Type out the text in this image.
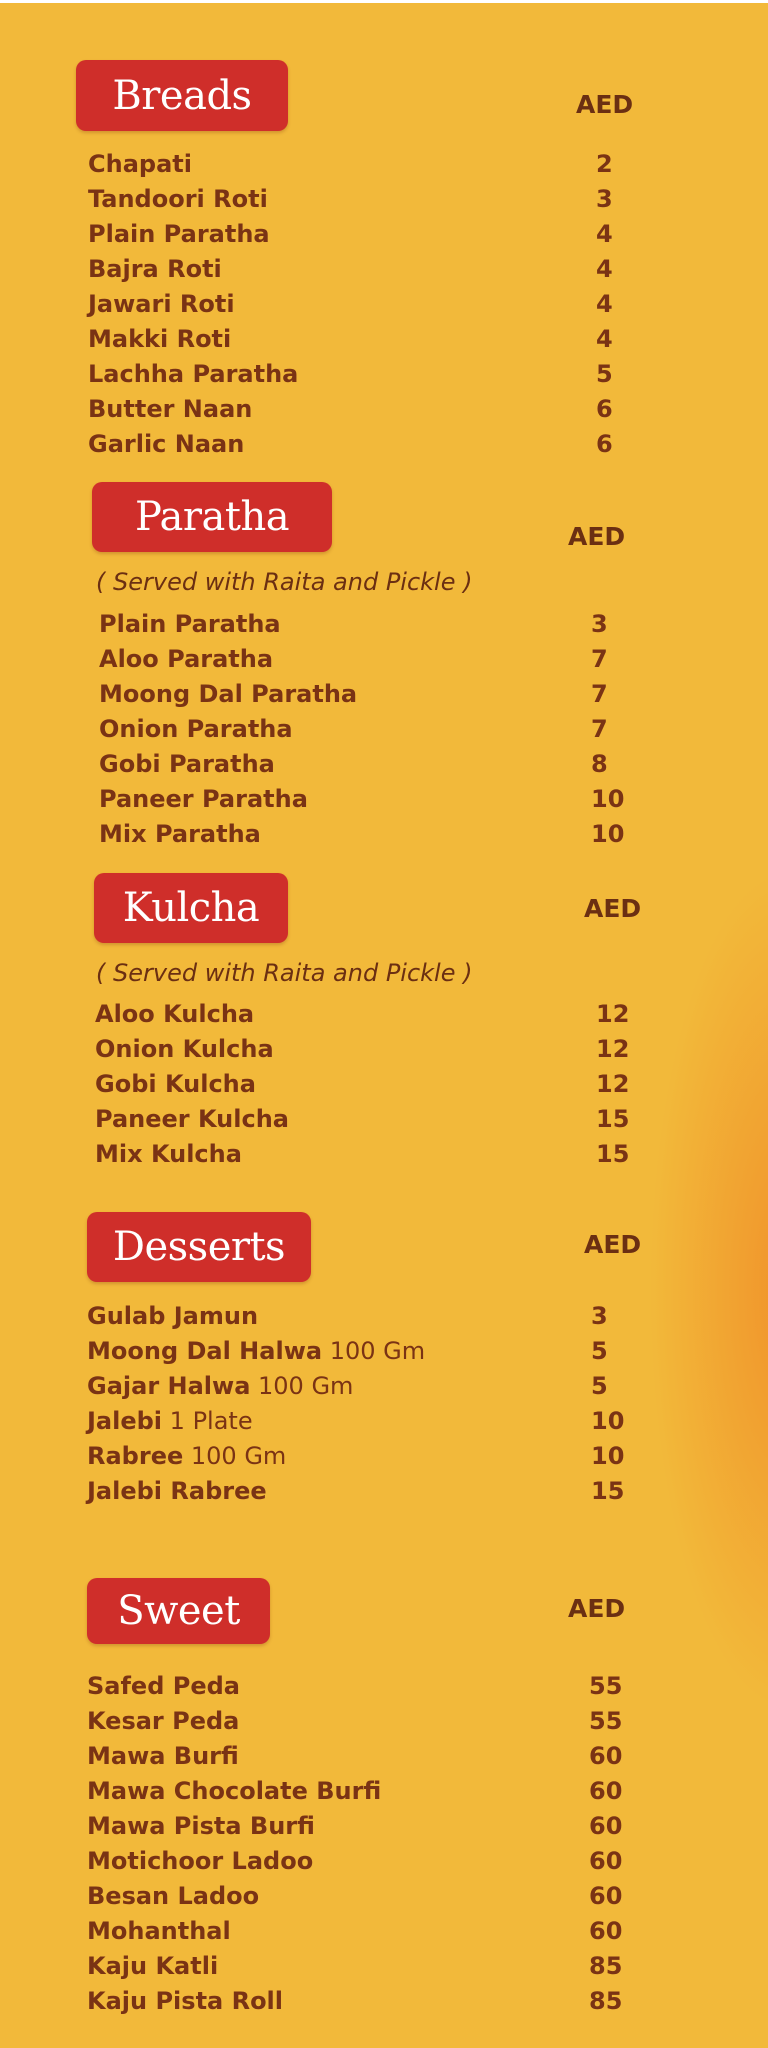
Breads	AED
Chapati	2
Tandoori Roti	3
Plain Paratha	4
Bajra Roti	4
Jawari Roti	4
Makki Roti	4
Lachha Paratha	5
Butter Naan	6
Garlic Naan	6
Paratha	AED
( Served with Raita and Pickle )
Plain Paratha	3
Aloo Paratha	7
Moong Dal Paratha	7
Onion Paratha	7
Gobi Paratha	8
Paneer Paratha	10
Mix Paratha	10
Kulcha	AED
( Served with Raita and Pickle )
Aloo Kulcha	12
Onion Kulcha	12
Gobi Kulcha	12
Paneer Kulcha	15
Mix Kulcha	15
Desserts	AED
Gulab Jamun	3
Moong Dal Halwa 100 Gm	5
Gajar Halwa 100 Gm	5
Jalebi 1 Plate	10
Rabree 100 Gm	10
Jalebi Rabree	15
Sweet	AED
Safed Peda	55
Kesar Peda	55
Mawa Burfi	60
Mawa Chocolate Burfi	60
Mawa Pista Burfi	60
Motichoor Ladoo	60
Besan Ladoo	60
Mohanthal	60
Kaju Katli	85
Kaju Pista Roll	85
